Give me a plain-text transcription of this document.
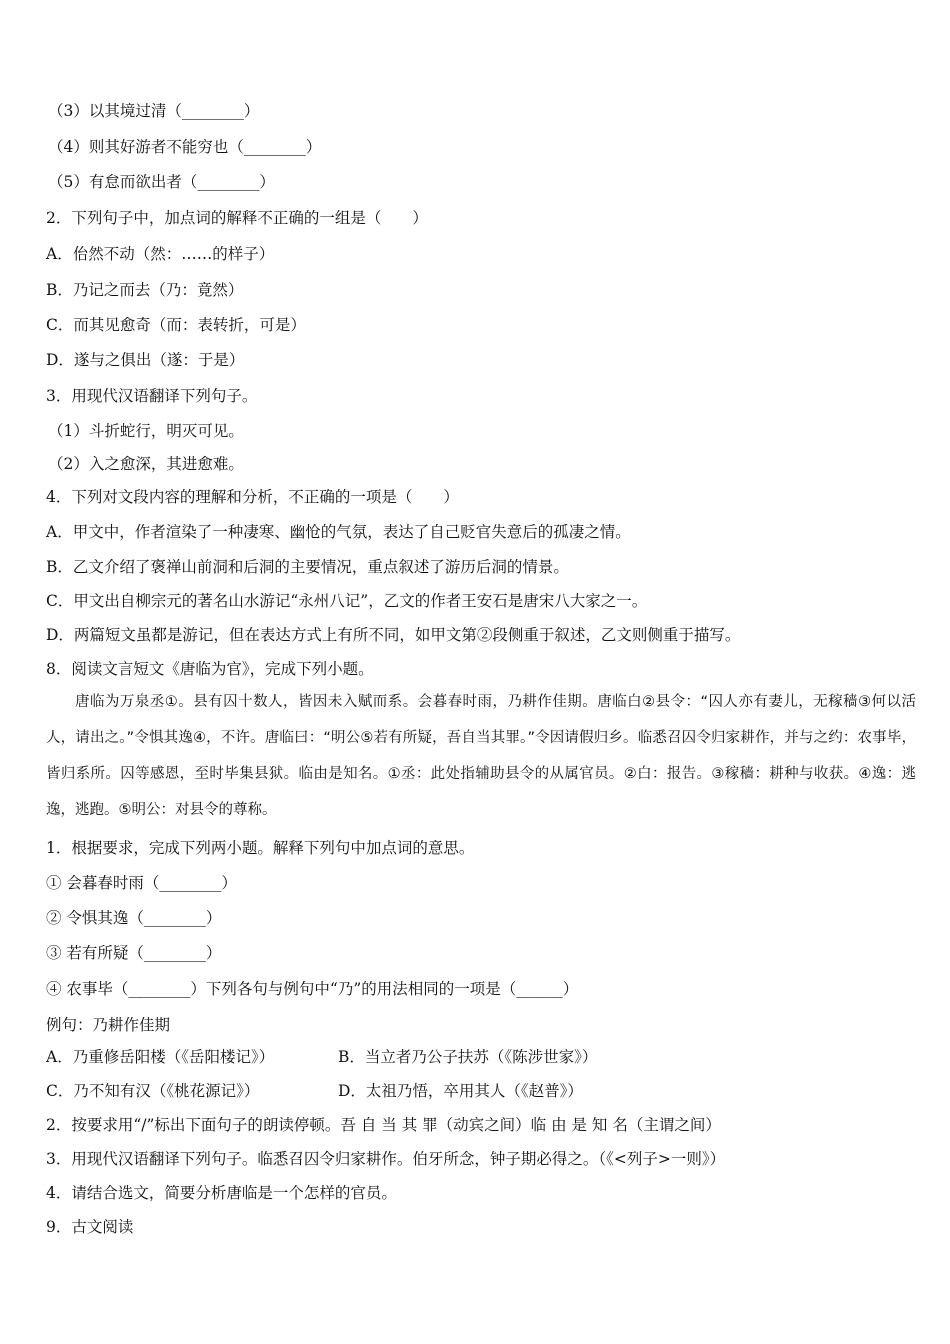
（3）以其境过清（________）
（4）则其好游者不能穷也（________）
（5）有怠而欲出者（________）
2．下列句子中，加点词的解释不正确的一组是（　　）
A．佁然不动（然：……的样子）
B．乃记之而去（乃：竟然）
C．而其见愈奇（而：表转折，可是）
D．遂与之俱出（遂：于是）
3．用现代汉语翻译下列句子。
（1）斗折蛇行，明灭可见。
（2）入之愈深，其进愈难。
4．下列对文段内容的理解和分析，不正确的一项是（　　）
A．甲文中，作者渲染了一种凄寒、幽怆的气氛，表达了自己贬官失意后的孤凄之情。
B．乙文介绍了褒禅山前洞和后洞的主要情况，重点叙述了游历后洞的情景。
C．甲文出自柳宗元的著名山水游记“永州八记”，乙文的作者王安石是唐宋八大家之一。
D．两篇短文虽都是游记，但在表达方式上有所不同，如甲文第②段侧重于叙述，乙文则侧重于描写。
8．阅读文言短文《唐临为官》，完成下列小题。
唐临为万泉丞①。县有囚十数人，皆因未入赋而系。会暮春时雨，乃耕作佳期。唐临白②县令：“囚人亦有妻儿，无稼穑③何以活人，请出之。”令惧其逸④，不许。唐临曰：“明公⑤若有所疑，吾自当其罪。”令因请假归乡。临悉召囚令归家耕作，并与之约：农事毕，皆归系所。囚等感恩，至时毕集县狱。临由是知名。①丞：此处指辅助县令的从属官员。②白：报告。③稼穑：耕种与收获。④逸：逃逸，逃跑。⑤明公：对县令的尊称。
1．根据要求，完成下列两小题。解释下列句中加点词的意思。
① 会暮春时雨（________）
② 令惧其逸（________）
③ 若有所疑（________）
④ 农事毕（________）下列各句与例句中“乃”的用法相同的一项是（______）
例句：乃耕作佳期
A．乃重修岳阳楼（《岳阳楼记》）	B．当立者乃公子扶苏（《陈涉世家》）
C．乃不知有汉（《桃花源记》）	D．太祖乃悟，卒用其人（《赵普》）
2．按要求用“/”标出下面句子的朗读停顿。吾 自 当 其 罪（动宾之间）临 由 是 知 名（主谓之间）
3．用现代汉语翻译下列句子。临悉召囚令归家耕作。伯牙所念，钟子期必得之。（《<列子>一则》）
4．请结合选文，简要分析唐临是一个怎样的官员。
9．古文阅读
